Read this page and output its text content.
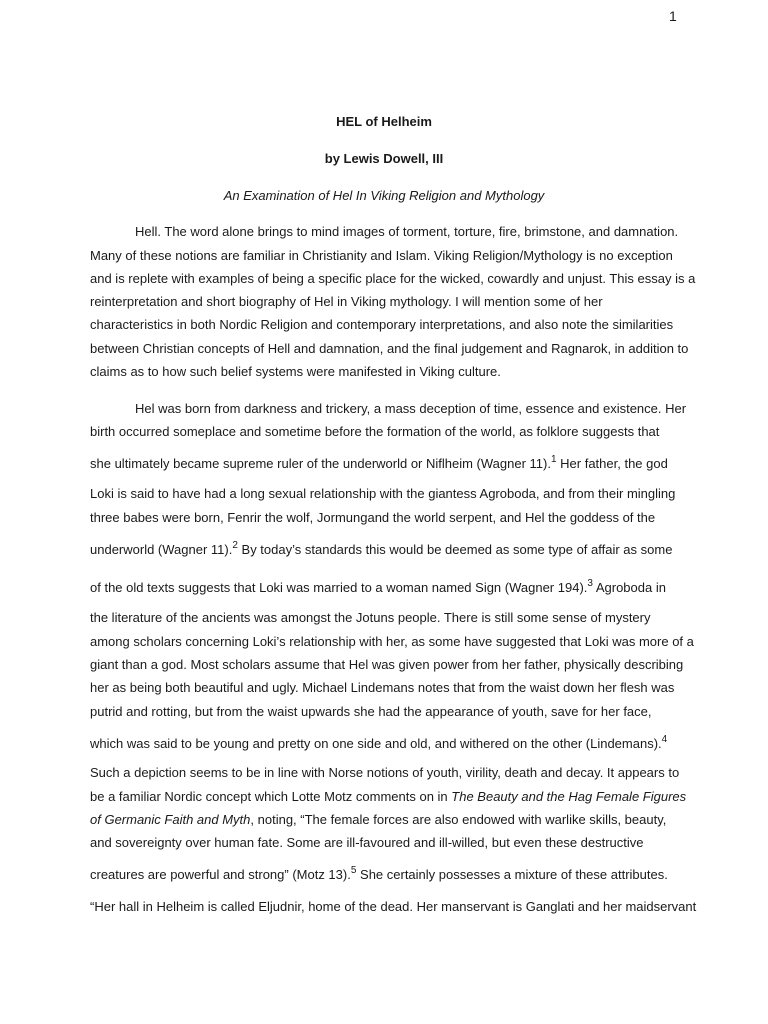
1
HEL of Helheim
by Lewis Dowell, III
An Examination of Hel In Viking Religion and Mythology
Hell. The word alone brings to mind images of torment, torture, fire, brimstone, and damnation.
Many of these notions are familiar in Christianity and Islam. Viking Religion/Mythology is no exception
and is replete with examples of being a specific place for the wicked, cowardly and unjust. This essay is a
reinterpretation and short biography of Hel in Viking mythology. I will mention some of her
characteristics in both Nordic Religion and contemporary interpretations, and also note the similarities
between Christian concepts of Hell and damnation, and the final judgement and Ragnarok, in addition to
claims as to how such belief systems were manifested in Viking culture.
Hel was born from darkness and trickery, a mass deception of time, essence and existence. Her
birth occurred someplace and sometime before the formation of the world, as folklore suggests that
she ultimately became supreme ruler of the underworld or Niflheim (Wagner 11).$^1$ Her father, the god
Loki is said to have had a long sexual relationship with the giantess Agroboda, and from their mingling
three babes were born, Fenrir the wolf, Jormungand the world serpent, and Hel the goddess of the
underworld (Wagner 11).$^2$ By today’s standards this would be deemed as some type of affair as some
of the old texts suggests that Loki was married to a woman named Sign (Wagner 194).$^3$ Agroboda in
the literature of the ancients was amongst the Jotuns people. There is still some sense of mystery
among scholars concerning Loki’s relationship with her, as some have suggested that Loki was more of a
giant than a god. Most scholars assume that Hel was given power from her father, physically describing
her as being both beautiful and ugly. Michael Lindemans notes that from the waist down her flesh was
putrid and rotting, but from the waist upwards she had the appearance of youth, save for her face,
which was said to be young and pretty on one side and old, and withered on the other (Lindemans).$^4$
Such a depiction seems to be in line with Norse notions of youth, virility, death and decay. It appears to
be a familiar Nordic concept which Lotte Motz comments on in The Beauty and the Hag Female Figures
of Germanic Faith and Myth, noting, “The female forces are also endowed with warlike skills, beauty,
and sovereignty over human fate. Some are ill-favoured and ill-willed, but even these destructive
creatures are powerful and strong” (Motz 13).$^5$ She certainly possesses a mixture of these attributes.
“Her hall in Helheim is called Eljudnir, home of the dead. Her manservant is Ganglati and her maidservant
